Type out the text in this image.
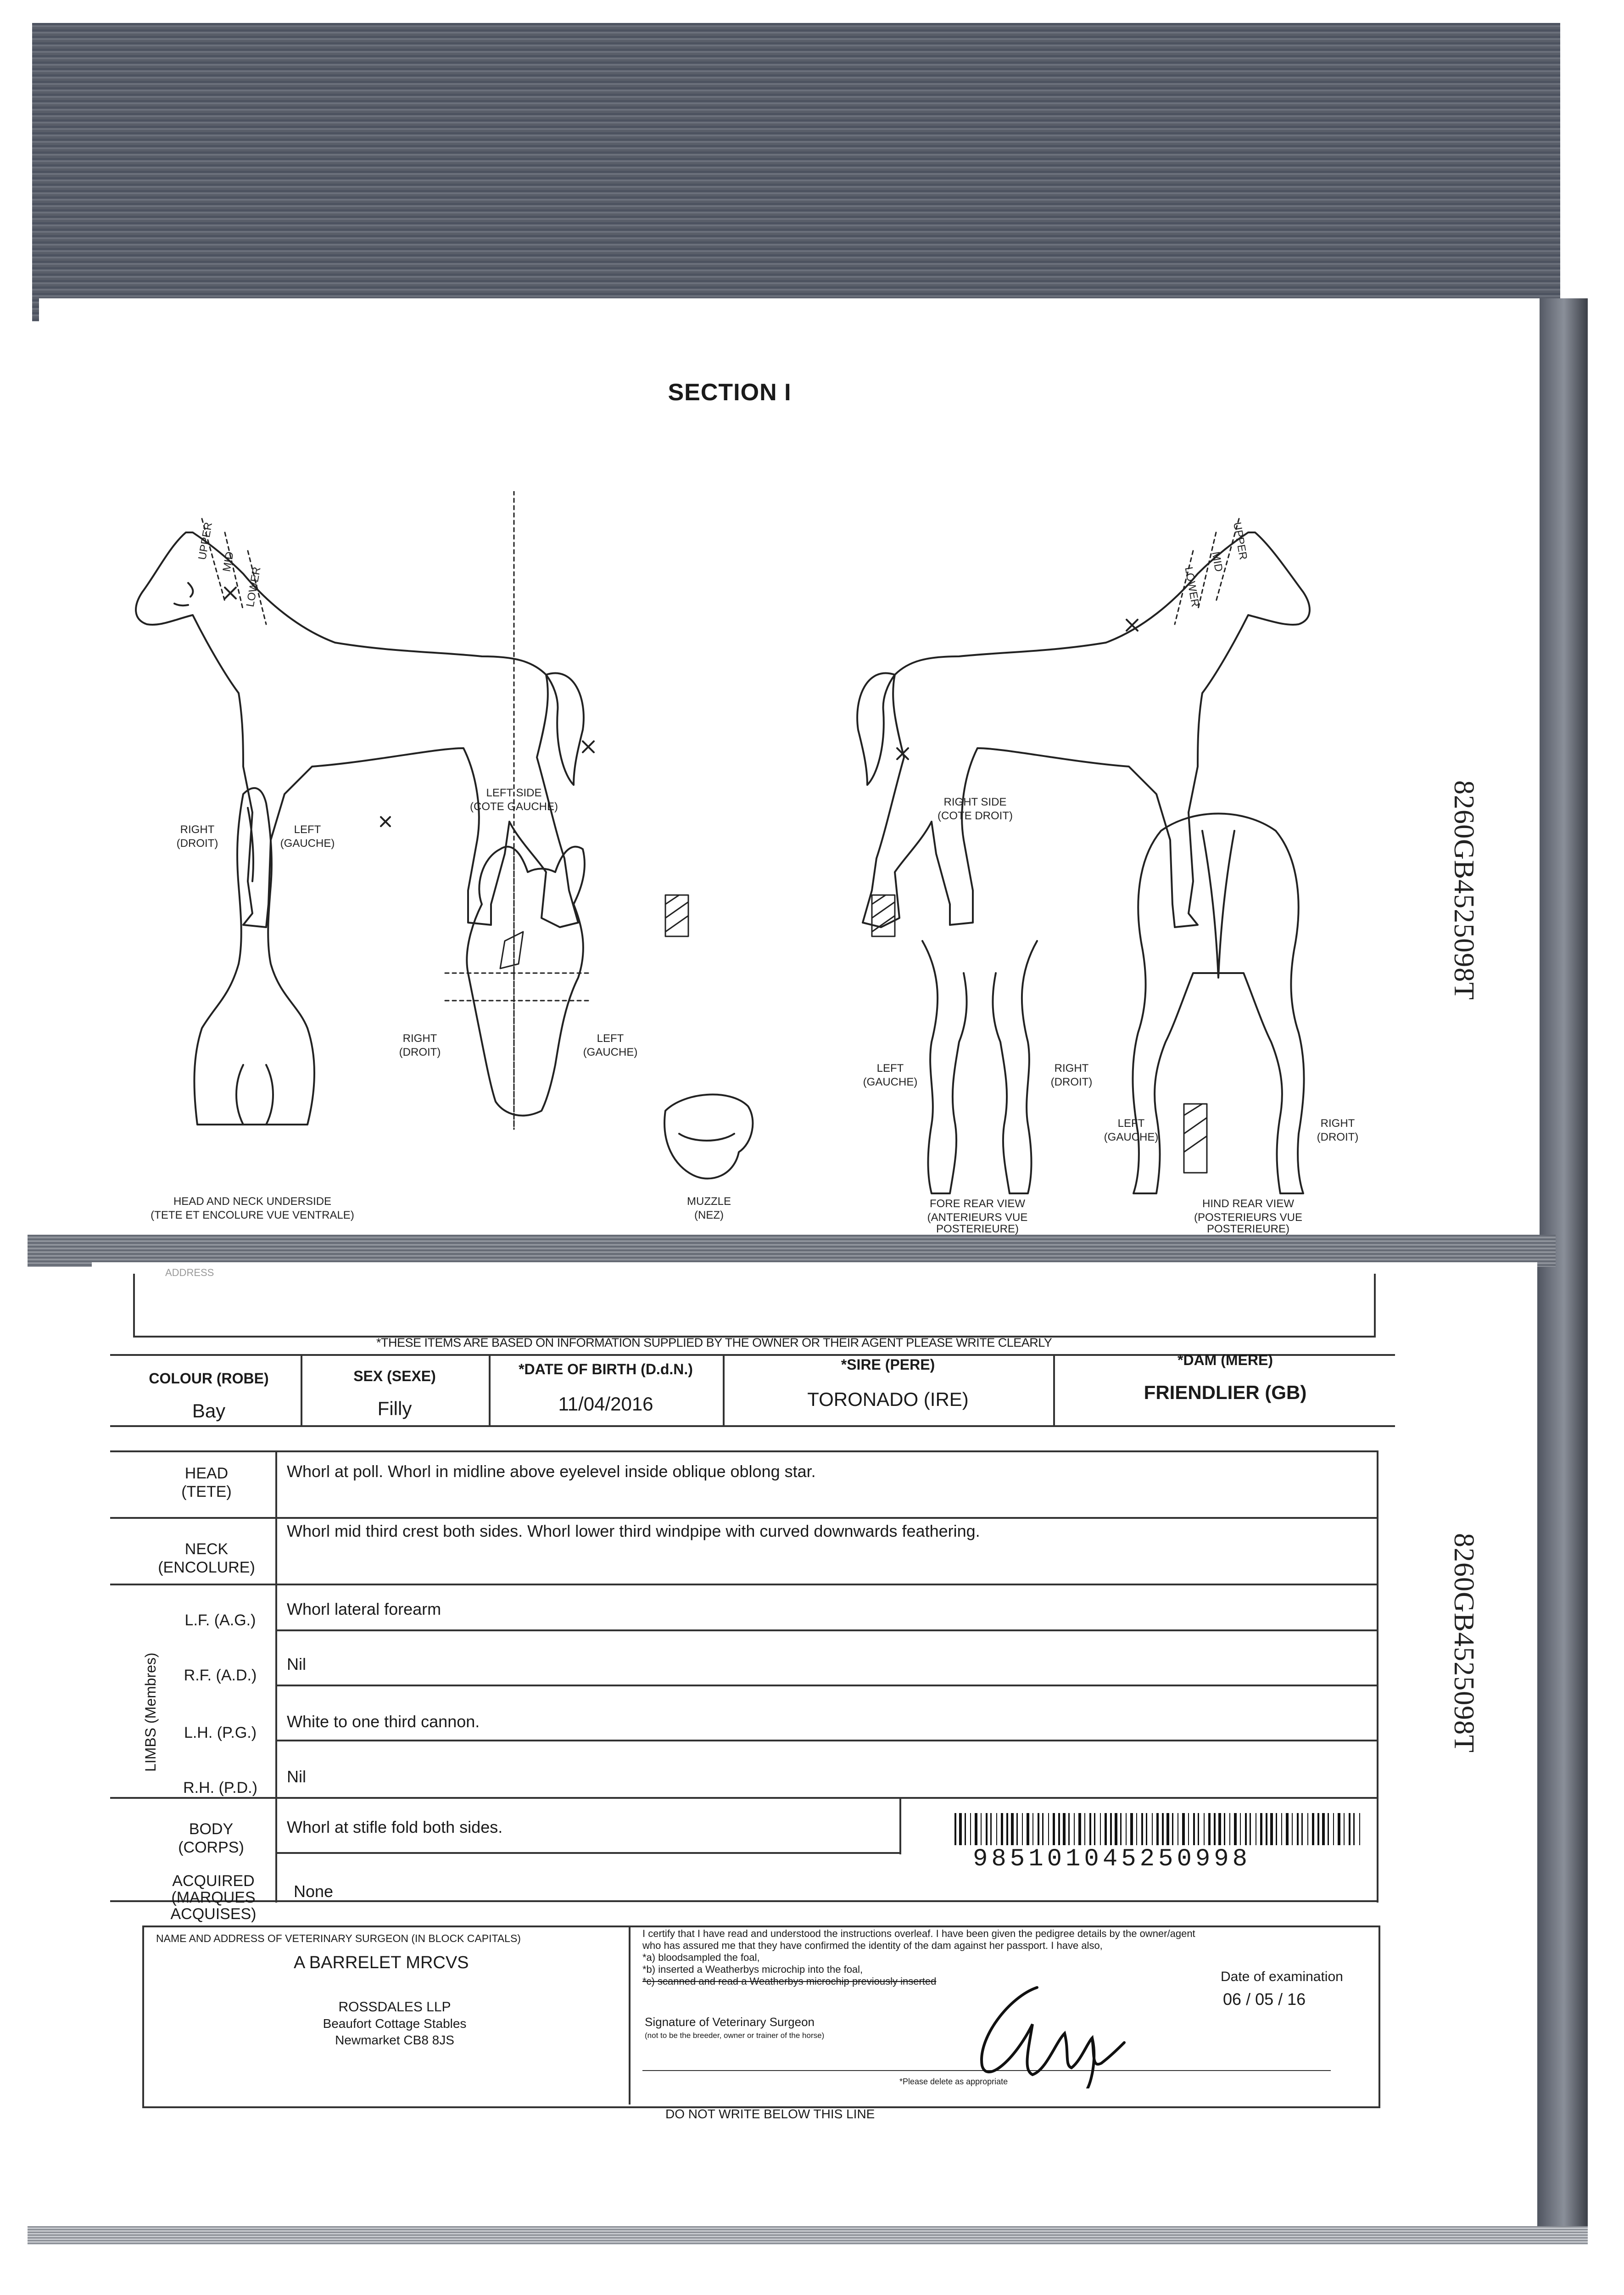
SECTION I
8260GB4525098T
8260GB4525098T
UPPER
MID
LOWER
UPPER
MID
LOWER
LEFT SIDE
(COTE GAUCHE)	RIGHT SIDE
(COTE DROIT)
RIGHT
(DROIT)
LEFT
(GAUCHE)
RIGHT
(DROIT)
LEFT
(GAUCHE)
LEFT
(GAUCHE)
RIGHT
(DROIT)
LEFT
(GAUCHE)
RIGHT
(DROIT)
HEAD AND NECK UNDERSIDE
(TETE ET ENCOLURE VUE VENTRALE)
MUZZLE
(NEZ)
FORE REAR VIEW
(ANTERIEURS VUE
POSTERIEURE)
HIND REAR VIEW
(POSTERIEURS VUE
POSTERIEURE)
ADDRESS
*THESE ITEMS ARE BASED ON INFORMATION SUPPLIED BY THE OWNER OR THEIR AGENT PLEASE WRITE CLEARLY
COLOUR (ROBE)
Bay
SEX (SEXE)
Filly
*DATE OF BIRTH (D.d.N.)
11/04/2016
*SIRE (PERE)
TORONADO (IRE)
*DAM (MERE)
FRIENDLIER (GB)
HEAD
(TETE)
Whorl at poll. Whorl in midline above eyelevel inside oblique oblong star.
NECK
(ENCOLURE)
Whorl mid third crest both sides. Whorl lower third windpipe with curved downwards feathering.
LIMBS (Membres)
L.F. (A.G.)
Whorl lateral forearm
R.F. (A.D.)
Nil
L.H. (P.G.)
White to one third cannon.
R.H. (P.D.)
Nil
BODY
(CORPS)
Whorl at stifle fold both sides.
ACQUIRED
(MARQUES
ACQUISES)
None
985101045250998
NAME AND ADDRESS OF VETERINARY SURGEON (IN BLOCK CAPITALS)
A BARRELET MRCVS
ROSSDALES LLP
Beaufort Cottage Stables
Newmarket CB8 8JS
I certify that I have read and understood the instructions overleaf. I have been given the pedigree details by the owner/agent
who has assured me that they have confirmed the identity of the dam against her passport. I have also,
*a) bloodsampled the foal,
*b) inserted a Weatherbys microchip into the foal,
*c) scanned and read a Weatherbys microchip previously inserted
Signature of Veterinary Surgeon
(not to be the breeder, owner or trainer of the horse)
*Please delete as appropriate
Date of examination
06 / 05 / 16
DO NOT WRITE BELOW THIS LINE
